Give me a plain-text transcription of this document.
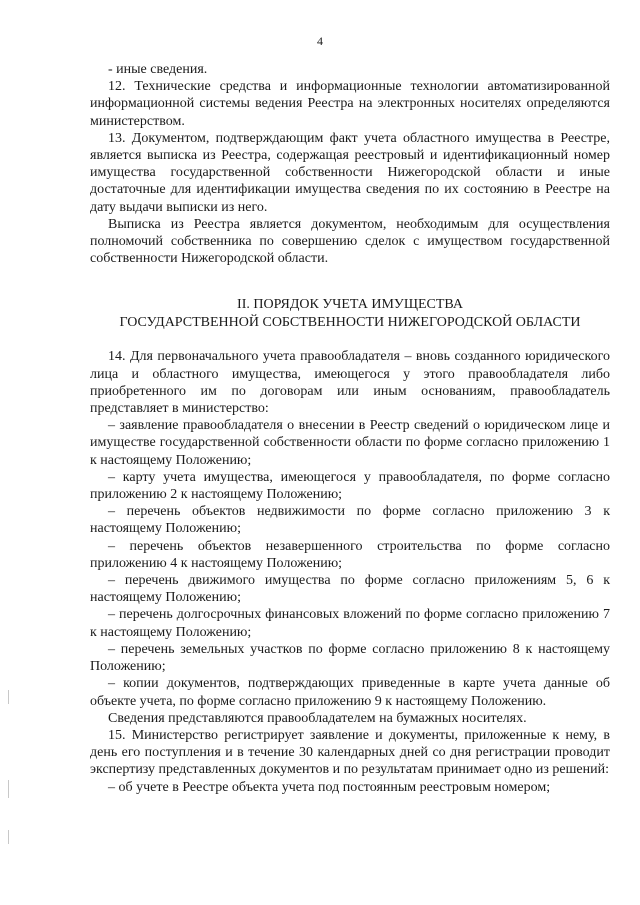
4

- иные сведения.

12. Технические средства и информационные технологии автоматизированной информационной системы ведения Реестра на электронных носителях определяются министерством.

13. Документом, подтверждающим факт учета областного имущества в Реестре, является выписка из Реестра, содержащая реестровый и идентификационный номер имущества государственной собственности Нижегородской области и иные достаточные для идентификации имущества сведения по их состоянию в Реестре на дату выдачи выписки из него.

Выписка из Реестра является документом, необходимым для осуществления полномочий собственника по совершению сделок с имуществом государственной собственности Нижегородской области.

II. ПОРЯДОК УЧЕТА ИМУЩЕСТВА

ГОСУДАРСТВЕННОЙ СОБСТВЕННОСТИ НИЖЕГОРОДСКОЙ ОБЛАСТИ

14. Для первоначального учета правообладателя – вновь созданного юридического лица и областного имущества, имеющегося у этого правообладателя либо приобретенного им по договорам или иным основаниям, правообладатель представляет в министерство:

– заявление правообладателя о внесении в Реестр сведений о юридическом лице и имуществе государственной собственности области по форме согласно приложению 1 к настоящему Положению;

– карту учета имущества, имеющегося у правообладателя, по форме согласно приложению 2 к настоящему Положению;

– перечень объектов недвижимости по форме согласно приложению 3 к настоящему Положению;

– перечень объектов незавершенного строительства по форме согласно приложению 4 к настоящему Положению;

– перечень движимого имущества по форме согласно приложениям 5, 6 к настоящему Положению;

– перечень долгосрочных финансовых вложений по форме согласно приложению 7 к настоящему Положению;

– перечень земельных участков по форме согласно приложению 8 к настоящему Положению;

– копии документов, подтверждающих приведенные в карте учета данные об объекте учета, по форме согласно приложению 9 к настоящему Положению.

Сведения представляются правообладателем на бумажных носителях.

15. Министерство регистрирует заявление и документы, приложенные к нему, в день его поступления и в течение 30 календарных дней со дня регистрации проводит экспертизу представленных документов и по результатам принимает одно из решений:

– об учете в Реестре объекта учета под постоянным реестровым номером;
